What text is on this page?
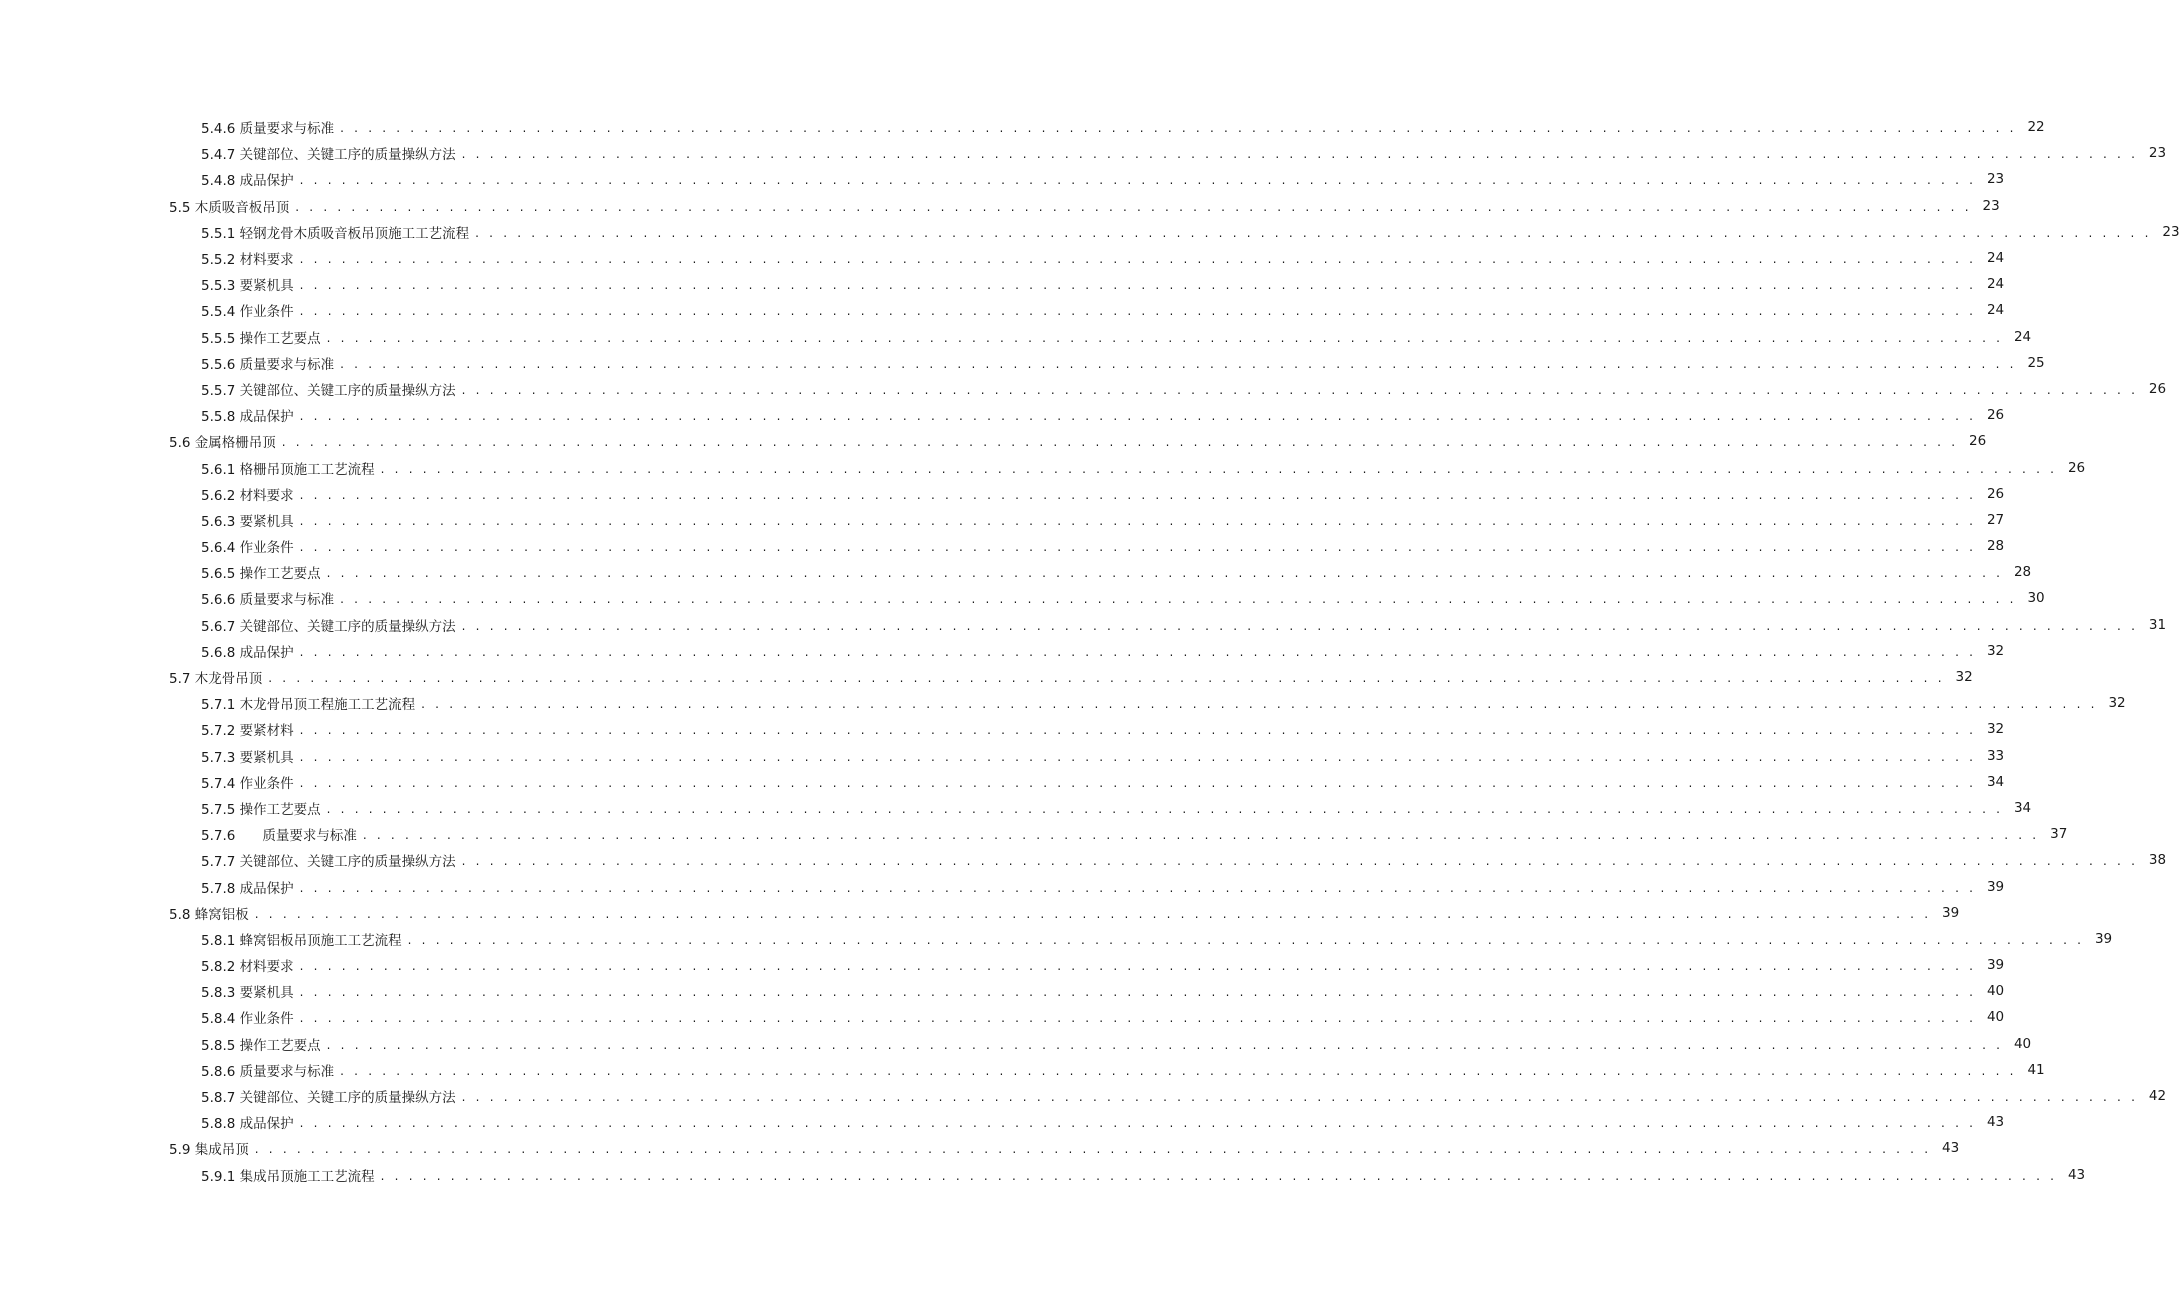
5.4.6 质量要求与标准 . . . . . . . . . . . . . . . . . . . . . . . . . . . . . . . . . . . . . . . . . . . . . . . . . . . . . . . . . . . . . . . . . . . . . . . . . . . . . . . . . . . . . . . . . . . . . . . . . . . . . . . . . . . . . . . . . . . . . . . . 22
5.4.7 关键部位、关键工序的质量操纵方法 . . . . . . . . . . . . . . . . . . . . . . . . . . . . . . . . . . . . . . . . . . . . . . . . . . . . . . . . . . . . . . . . . . . . . . . . . . . . . . . . . . . . . . . . . . . . . . . . . . . . . . . . . . . . . . . . . . . . . . . . 23
5.4.8 成品保护 . . . . . . . . . . . . . . . . . . . . . . . . . . . . . . . . . . . . . . . . . . . . . . . . . . . . . . . . . . . . . . . . . . . . . . . . . . . . . . . . . . . . . . . . . . . . . . . . . . . . . . . . . . . . . . . . . . . . . . . . 23
5.5 木质吸音板吊顶 . . . . . . . . . . . . . . . . . . . . . . . . . . . . . . . . . . . . . . . . . . . . . . . . . . . . . . . . . . . . . . . . . . . . . . . . . . . . . . . . . . . . . . . . . . . . . . . . . . . . . . . . . . . . . . . . . . . . . . . . 23
5.5.1 轻钢龙骨木质吸音板吊顶施工工艺流程 . . . . . . . . . . . . . . . . . . . . . . . . . . . . . . . . . . . . . . . . . . . . . . . . . . . . . . . . . . . . . . . . . . . . . . . . . . . . . . . . . . . . . . . . . . . . . . . . . . . . . . . . . . . . . . . . . . . . . . . . 23
5.5.2 材料要求 . . . . . . . . . . . . . . . . . . . . . . . . . . . . . . . . . . . . . . . . . . . . . . . . . . . . . . . . . . . . . . . . . . . . . . . . . . . . . . . . . . . . . . . . . . . . . . . . . . . . . . . . . . . . . . . . . . . . . . . . 24
5.5.3 要紧机具 . . . . . . . . . . . . . . . . . . . . . . . . . . . . . . . . . . . . . . . . . . . . . . . . . . . . . . . . . . . . . . . . . . . . . . . . . . . . . . . . . . . . . . . . . . . . . . . . . . . . . . . . . . . . . . . . . . . . . . . . 24
5.5.4 作业条件 . . . . . . . . . . . . . . . . . . . . . . . . . . . . . . . . . . . . . . . . . . . . . . . . . . . . . . . . . . . . . . . . . . . . . . . . . . . . . . . . . . . . . . . . . . . . . . . . . . . . . . . . . . . . . . . . . . . . . . . . 24
5.5.5 操作工艺要点 . . . . . . . . . . . . . . . . . . . . . . . . . . . . . . . . . . . . . . . . . . . . . . . . . . . . . . . . . . . . . . . . . . . . . . . . . . . . . . . . . . . . . . . . . . . . . . . . . . . . . . . . . . . . . . . . . . . . . . . . 24
5.5.6 质量要求与标准 . . . . . . . . . . . . . . . . . . . . . . . . . . . . . . . . . . . . . . . . . . . . . . . . . . . . . . . . . . . . . . . . . . . . . . . . . . . . . . . . . . . . . . . . . . . . . . . . . . . . . . . . . . . . . . . . . . . . . . . . 25
5.5.7 关键部位、关键工序的质量操纵方法 . . . . . . . . . . . . . . . . . . . . . . . . . . . . . . . . . . . . . . . . . . . . . . . . . . . . . . . . . . . . . . . . . . . . . . . . . . . . . . . . . . . . . . . . . . . . . . . . . . . . . . . . . . . . . . . . . . . . . . . . 26
5.5.8 成品保护 . . . . . . . . . . . . . . . . . . . . . . . . . . . . . . . . . . . . . . . . . . . . . . . . . . . . . . . . . . . . . . . . . . . . . . . . . . . . . . . . . . . . . . . . . . . . . . . . . . . . . . . . . . . . . . . . . . . . . . . . 26
5.6 金属格栅吊顶 . . . . . . . . . . . . . . . . . . . . . . . . . . . . . . . . . . . . . . . . . . . . . . . . . . . . . . . . . . . . . . . . . . . . . . . . . . . . . . . . . . . . . . . . . . . . . . . . . . . . . . . . . . . . . . . . . . . . . . . . 26
5.6.1 格栅吊顶施工工艺流程 . . . . . . . . . . . . . . . . . . . . . . . . . . . . . . . . . . . . . . . . . . . . . . . . . . . . . . . . . . . . . . . . . . . . . . . . . . . . . . . . . . . . . . . . . . . . . . . . . . . . . . . . . . . . . . . . . . . . . . . . 26
5.6.2 材料要求 . . . . . . . . . . . . . . . . . . . . . . . . . . . . . . . . . . . . . . . . . . . . . . . . . . . . . . . . . . . . . . . . . . . . . . . . . . . . . . . . . . . . . . . . . . . . . . . . . . . . . . . . . . . . . . . . . . . . . . . . 26
5.6.3 要紧机具 . . . . . . . . . . . . . . . . . . . . . . . . . . . . . . . . . . . . . . . . . . . . . . . . . . . . . . . . . . . . . . . . . . . . . . . . . . . . . . . . . . . . . . . . . . . . . . . . . . . . . . . . . . . . . . . . . . . . . . . . 27
5.6.4 作业条件 . . . . . . . . . . . . . . . . . . . . . . . . . . . . . . . . . . . . . . . . . . . . . . . . . . . . . . . . . . . . . . . . . . . . . . . . . . . . . . . . . . . . . . . . . . . . . . . . . . . . . . . . . . . . . . . . . . . . . . . . 28
5.6.5 操作工艺要点 . . . . . . . . . . . . . . . . . . . . . . . . . . . . . . . . . . . . . . . . . . . . . . . . . . . . . . . . . . . . . . . . . . . . . . . . . . . . . . . . . . . . . . . . . . . . . . . . . . . . . . . . . . . . . . . . . . . . . . . . 28
5.6.6 质量要求与标准 . . . . . . . . . . . . . . . . . . . . . . . . . . . . . . . . . . . . . . . . . . . . . . . . . . . . . . . . . . . . . . . . . . . . . . . . . . . . . . . . . . . . . . . . . . . . . . . . . . . . . . . . . . . . . . . . . . . . . . . . 30
5.6.7 关键部位、关键工序的质量操纵方法 . . . . . . . . . . . . . . . . . . . . . . . . . . . . . . . . . . . . . . . . . . . . . . . . . . . . . . . . . . . . . . . . . . . . . . . . . . . . . . . . . . . . . . . . . . . . . . . . . . . . . . . . . . . . . . . . . . . . . . . . 31
5.6.8 成品保护 . . . . . . . . . . . . . . . . . . . . . . . . . . . . . . . . . . . . . . . . . . . . . . . . . . . . . . . . . . . . . . . . . . . . . . . . . . . . . . . . . . . . . . . . . . . . . . . . . . . . . . . . . . . . . . . . . . . . . . . . 32
5.7 木龙骨吊顶 . . . . . . . . . . . . . . . . . . . . . . . . . . . . . . . . . . . . . . . . . . . . . . . . . . . . . . . . . . . . . . . . . . . . . . . . . . . . . . . . . . . . . . . . . . . . . . . . . . . . . . . . . . . . . . . . . . . . . . . . 32
5.7.1 木龙骨吊顶工程施工工艺流程 . . . . . . . . . . . . . . . . . . . . . . . . . . . . . . . . . . . . . . . . . . . . . . . . . . . . . . . . . . . . . . . . . . . . . . . . . . . . . . . . . . . . . . . . . . . . . . . . . . . . . . . . . . . . . . . . . . . . . . . . 32
5.7.2 要紧材料 . . . . . . . . . . . . . . . . . . . . . . . . . . . . . . . . . . . . . . . . . . . . . . . . . . . . . . . . . . . . . . . . . . . . . . . . . . . . . . . . . . . . . . . . . . . . . . . . . . . . . . . . . . . . . . . . . . . . . . . . 32
5.7.3 要紧机具 . . . . . . . . . . . . . . . . . . . . . . . . . . . . . . . . . . . . . . . . . . . . . . . . . . . . . . . . . . . . . . . . . . . . . . . . . . . . . . . . . . . . . . . . . . . . . . . . . . . . . . . . . . . . . . . . . . . . . . . . 33
5.7.4 作业条件 . . . . . . . . . . . . . . . . . . . . . . . . . . . . . . . . . . . . . . . . . . . . . . . . . . . . . . . . . . . . . . . . . . . . . . . . . . . . . . . . . . . . . . . . . . . . . . . . . . . . . . . . . . . . . . . . . . . . . . . . 34
5.7.5 操作工艺要点 . . . . . . . . . . . . . . . . . . . . . . . . . . . . . . . . . . . . . . . . . . . . . . . . . . . . . . . . . . . . . . . . . . . . . . . . . . . . . . . . . . . . . . . . . . . . . . . . . . . . . . . . . . . . . . . . . . . . . . . . 34
5.7.6　　质量要求与标准 . . . . . . . . . . . . . . . . . . . . . . . . . . . . . . . . . . . . . . . . . . . . . . . . . . . . . . . . . . . . . . . . . . . . . . . . . . . . . . . . . . . . . . . . . . . . . . . . . . . . . . . . . . . . . . . . . . . . . . . . 37
5.7.7 关键部位、关键工序的质量操纵方法 . . . . . . . . . . . . . . . . . . . . . . . . . . . . . . . . . . . . . . . . . . . . . . . . . . . . . . . . . . . . . . . . . . . . . . . . . . . . . . . . . . . . . . . . . . . . . . . . . . . . . . . . . . . . . . . . . . . . . . . . 38
5.7.8 成品保护 . . . . . . . . . . . . . . . . . . . . . . . . . . . . . . . . . . . . . . . . . . . . . . . . . . . . . . . . . . . . . . . . . . . . . . . . . . . . . . . . . . . . . . . . . . . . . . . . . . . . . . . . . . . . . . . . . . . . . . . . 39
5.8 蜂窝铝板 . . . . . . . . . . . . . . . . . . . . . . . . . . . . . . . . . . . . . . . . . . . . . . . . . . . . . . . . . . . . . . . . . . . . . . . . . . . . . . . . . . . . . . . . . . . . . . . . . . . . . . . . . . . . . . . . . . . . . . . . 39
5.8.1 蜂窝铝板吊顶施工工艺流程 . . . . . . . . . . . . . . . . . . . . . . . . . . . . . . . . . . . . . . . . . . . . . . . . . . . . . . . . . . . . . . . . . . . . . . . . . . . . . . . . . . . . . . . . . . . . . . . . . . . . . . . . . . . . . . . . . . . . . . . . 39
5.8.2 材料要求 . . . . . . . . . . . . . . . . . . . . . . . . . . . . . . . . . . . . . . . . . . . . . . . . . . . . . . . . . . . . . . . . . . . . . . . . . . . . . . . . . . . . . . . . . . . . . . . . . . . . . . . . . . . . . . . . . . . . . . . . 39
5.8.3 要紧机具 . . . . . . . . . . . . . . . . . . . . . . . . . . . . . . . . . . . . . . . . . . . . . . . . . . . . . . . . . . . . . . . . . . . . . . . . . . . . . . . . . . . . . . . . . . . . . . . . . . . . . . . . . . . . . . . . . . . . . . . . 40
5.8.4 作业条件 . . . . . . . . . . . . . . . . . . . . . . . . . . . . . . . . . . . . . . . . . . . . . . . . . . . . . . . . . . . . . . . . . . . . . . . . . . . . . . . . . . . . . . . . . . . . . . . . . . . . . . . . . . . . . . . . . . . . . . . . 40
5.8.5 操作工艺要点 . . . . . . . . . . . . . . . . . . . . . . . . . . . . . . . . . . . . . . . . . . . . . . . . . . . . . . . . . . . . . . . . . . . . . . . . . . . . . . . . . . . . . . . . . . . . . . . . . . . . . . . . . . . . . . . . . . . . . . . . 40
5.8.6 质量要求与标准 . . . . . . . . . . . . . . . . . . . . . . . . . . . . . . . . . . . . . . . . . . . . . . . . . . . . . . . . . . . . . . . . . . . . . . . . . . . . . . . . . . . . . . . . . . . . . . . . . . . . . . . . . . . . . . . . . . . . . . . . 41
5.8.7 关键部位、关键工序的质量操纵方法 . . . . . . . . . . . . . . . . . . . . . . . . . . . . . . . . . . . . . . . . . . . . . . . . . . . . . . . . . . . . . . . . . . . . . . . . . . . . . . . . . . . . . . . . . . . . . . . . . . . . . . . . . . . . . . . . . . . . . . . . 42
5.8.8 成品保护 . . . . . . . . . . . . . . . . . . . . . . . . . . . . . . . . . . . . . . . . . . . . . . . . . . . . . . . . . . . . . . . . . . . . . . . . . . . . . . . . . . . . . . . . . . . . . . . . . . . . . . . . . . . . . . . . . . . . . . . . 43
5.9 集成吊顶 . . . . . . . . . . . . . . . . . . . . . . . . . . . . . . . . . . . . . . . . . . . . . . . . . . . . . . . . . . . . . . . . . . . . . . . . . . . . . . . . . . . . . . . . . . . . . . . . . . . . . . . . . . . . . . . . . . . . . . . . 43
5.9.1 集成吊顶施工工艺流程 . . . . . . . . . . . . . . . . . . . . . . . . . . . . . . . . . . . . . . . . . . . . . . . . . . . . . . . . . . . . . . . . . . . . . . . . . . . . . . . . . . . . . . . . . . . . . . . . . . . . . . . . . . . . . . . . . . . . . . . . 43
